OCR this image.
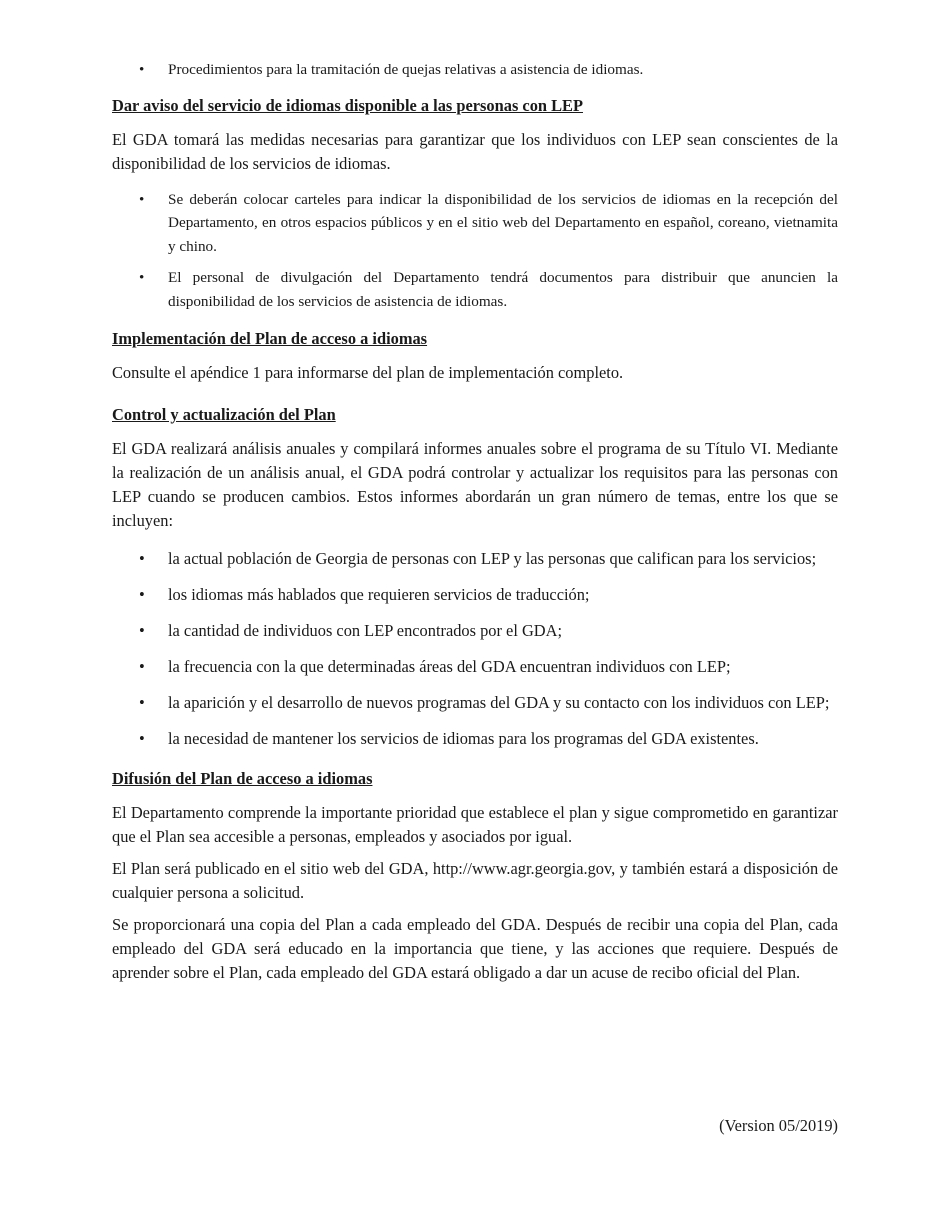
• Procedimientos para la tramitación de quejas relativas a asistencia de idiomas.
Dar aviso del servicio de idiomas disponible a las personas con LEP

El GDA tomará las medidas necesarias para garantizar que los individuos con LEP sean conscientes de la disponibilidad de los servicios de idiomas.

• Se deberán colocar carteles para indicar la disponibilidad de los servicios de idiomas en la recepción del Departamento, en otros espacios públicos y en el sitio web del Departamento en español, coreano, vietnamita y chino.
• El personal de divulgación del Departamento tendrá documentos para distribuir que anuncien la disponibilidad de los servicios de asistencia de idiomas.
Implementación del Plan de acceso a idiomas

Consulte el apéndice 1 para informarse del plan de implementación completo.

Control y actualización del Plan

El GDA realizará análisis anuales y compilará informes anuales sobre el programa de su Título VI. Mediante la realización de un análisis anual, el GDA podrá controlar y actualizar los requisitos para las personas con LEP cuando se producen cambios. Estos informes abordarán un gran número de temas, entre los que se incluyen:

• la actual población de Georgia de personas con LEP y las personas que califican para los servicios;
• los idiomas más hablados que requieren servicios de traducción;
• la cantidad de individuos con LEP encontrados por el GDA;
• la frecuencia con la que determinadas áreas del GDA encuentran individuos con LEP;
• la aparición y el desarrollo de nuevos programas del GDA y su contacto con los individuos con LEP;
• la necesidad de mantener los servicios de idiomas para los programas del GDA existentes.
Difusión del Plan de acceso a idiomas

El Departamento comprende la importante prioridad que establece el plan y sigue comprometido en garantizar que el Plan sea accesible a personas, empleados y asociados por igual.

El Plan será publicado en el sitio web del GDA, http://www.agr.georgia.gov, y también estará a disposición de cualquier persona a solicitud.

Se proporcionará una copia del Plan a cada empleado del GDA. Después de recibir una copia del Plan, cada empleado del GDA será educado en la importancia que tiene, y las acciones que requiere. Después de aprender sobre el Plan, cada empleado del GDA estará obligado a dar un acuse de recibo oficial del Plan.

(Version 05/2019)
